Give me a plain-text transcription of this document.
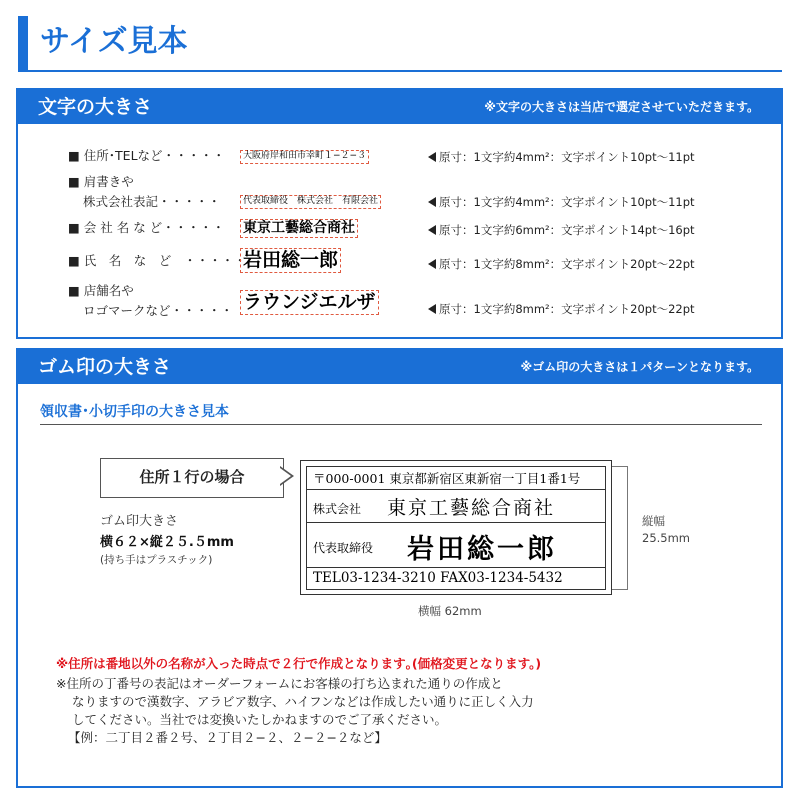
サイズ見本
文字の大きさ	※文字の大きさは当店で選定させていただきます。
■ 住所･TELなど・・・・・	大阪府岸和田市幸町１−２−３	原寸：1文字約4mm²：文字ポイント10pt〜11pt
■ 肩書きや
株式会社表記・・・・・	代表取締役　株式会社　有限会社	原寸：1文字約4mm²：文字ポイント10pt〜11pt
■ 会 社 名 な ど・・・・・ 東京工藝総合商社	原寸：1文字約6mm²：文字ポイント14pt〜16pt
■ 氏　名　な　ど　・・・・・
岩田総一郎	原寸：1文字約8mm²：文字ポイント20pt〜22pt
■ 店舗名や
ロゴマークなど・・・・・ ラウンジエルザ	原寸：1文字約8mm²：文字ポイント20pt〜22pt
ゴム印の大きさ	※ゴム印の大きさは１パターンとなります。
領収書･小切手印の大きさ見本
住所１行の場合
ゴム印大きさ
横６２×縦２５.５mm
(持ち手はプラスチック)
〒000-0001 東京都新宿区東新宿一丁目1番1号
株式会社 東京工藝総合商社
代表取締役 岩田総一郎
TEL03-1234-3210 FAX03-1234-5432
縦幅
25.5mm
横幅 62mm
※住所は番地以外の名称が入った時点で２行で作成となります｡(価格変更となります。)
※住所の丁番号の表記はオーダーフォームにお客様の打ち込まれた通りの作成と
なりますので漢数字、アラビア数字、ハイフンなどは作成したい通りに正しく入力
してください。当社では変換いたしかねますのでご了承ください。
【例：二丁目２番２号、２丁目２−２、２−２−２など】
